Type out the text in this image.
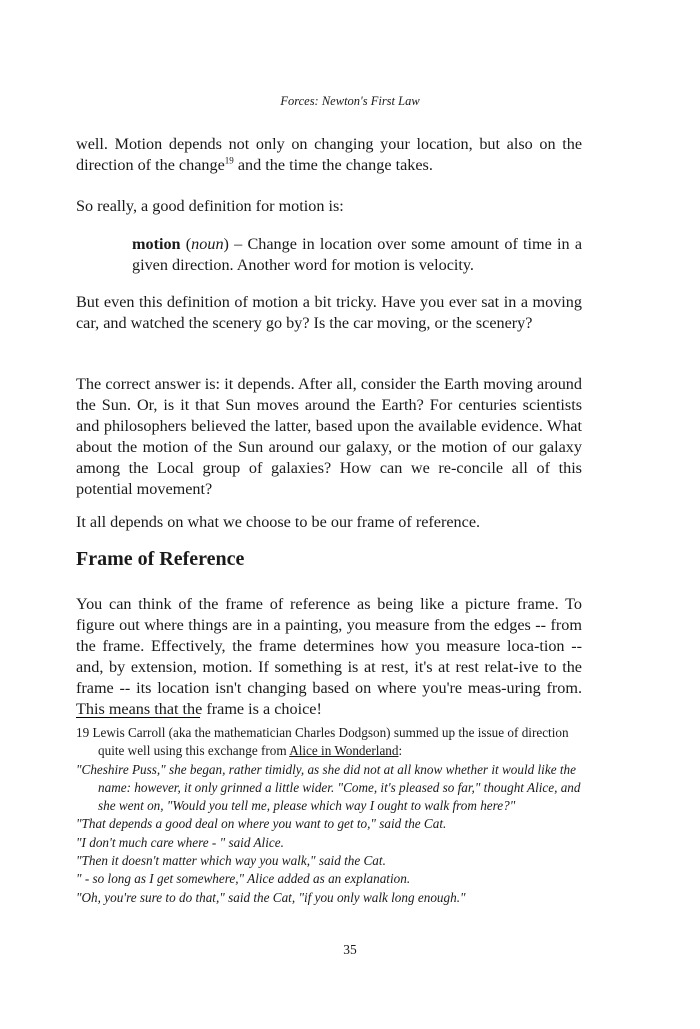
Forces: Newton's First Law

well. Motion depends not only on changing your location, but also on the direction of the change$^{19}$ and the time the change takes.

So really, a good definition for motion is:

motion (noun) – Change in location over some amount of time in a given direction. Another word for motion is velocity.

But even this definition of motion a bit tricky. Have you ever sat in a moving car, and watched the scenery go by? Is the car moving, or the scenery?

The correct answer is: it depends. After all, consider the Earth moving around the Sun. Or, is it that Sun moves around the Earth? For centuries scientists and philosophers believed the latter, based upon the available evidence. What about the motion of the Sun around our galaxy, or the motion of our galaxy among the Local group of galaxies? How can we re-concile all of this potential movement?

It all depends on what we choose to be our frame of reference.

Frame of Reference

You can think of the frame of reference as being like a picture frame. To figure out where things are in a painting, you measure from the edges -- from the frame. Effectively, the frame determines how you measure loca-tion -- and, by extension, motion. If something is at rest, it's at rest relat-ive to the frame -- its location isn't changing based on where you're meas-uring from. This means that the frame is a choice!

19 Lewis Carroll (aka the mathematician Charles Dodgson) summed up the issue of direction quite well using this exchange from Alice in Wonderland:

"Cheshire Puss," she began, rather timidly, as she did not at all know whether it would like the name: however, it only grinned a little wider. "Come, it's pleased so far," thought Alice, and she went on, "Would you tell me, please which way I ought to walk from here?"

"That depends a good deal on where you want to get to," said the Cat.

"I don't much care where - " said Alice.

"Then it doesn't matter which way you walk," said the Cat.

" - so long as I get somewhere," Alice added as an explanation.

"Oh, you're sure to do that," said the Cat, "if you only walk long enough."

35
